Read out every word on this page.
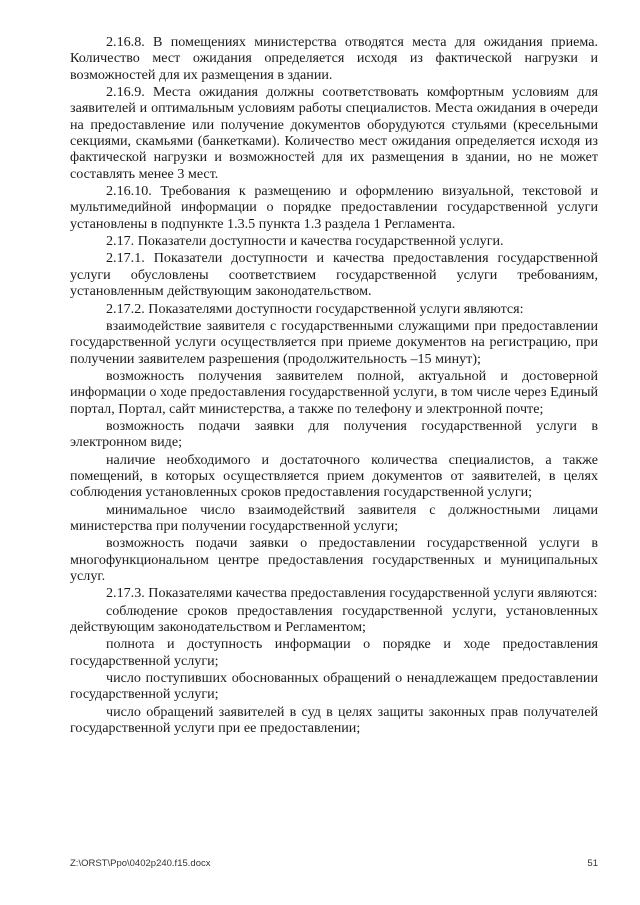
2.16.8. В помещениях министерства отводятся места для ожидания приема. Количество мест ожидания определяется исходя из фактической нагрузки и возможностей для их размещения в здании.

2.16.9. Места ожидания должны соответствовать комфортным условиям для заявителей и оптимальным условиям работы специалистов. Места ожидания в очереди на предоставление или получение документов оборудуются стульями (кресельными секциями, скамьями (банкетками). Количество мест ожидания определяется исходя из фактической нагрузки и возможностей для их размещения в здании, но не может составлять менее 3 мест.

2.16.10. Требования к размещению и оформлению визуальной, текстовой и мультимедийной информации о порядке предоставлении государственной услуги установлены в подпункте 1.3.5 пункта 1.3 раздела 1 Регламента.

2.17. Показатели доступности и качества государственной услуги.

2.17.1. Показатели доступности и качества предоставления государственной услуги обусловлены соответствием государственной услуги требованиям, установленным действующим законодательством.

2.17.2. Показателями доступности государственной услуги являются:

взаимодействие заявителя с государственными служащими при предоставлении государственной услуги осуществляется при приеме документов на регистрацию, при получении заявителем разрешения (продолжительность –15 минут);

возможность получения заявителем полной, актуальной и достоверной информации о ходе предоставления государственной услуги, в том числе через Единый портал, Портал, сайт министерства, а также по телефону и электронной почте;

возможность подачи заявки для получения государственной услуги в электронном виде;

наличие необходимого и достаточного количества специалистов, а также помещений, в которых осуществляется прием документов от заявителей, в целях соблюдения установленных сроков предоставления государственной услуги;

минимальное число взаимодействий заявителя с должностными лицами министерства при получении государственной услуги;

возможность подачи заявки о предоставлении государственной услуги в многофункциональном центре предоставления государственных и муниципальных услуг.

2.17.3. Показателями качества предоставления государственной услуги являются:

соблюдение сроков предоставления государственной услуги, установленных действующим законодательством и Регламентом;

полнота и доступность информации о порядке и ходе предоставления государственной услуги;

число поступивших обоснованных обращений о ненадлежащем предоставлении государственной услуги;

число обращений заявителей в суд в целях защиты законных прав получателей государственной услуги при ее предоставлении;

Z:\ORST\Ppo\0402p240.f15.docx	51
